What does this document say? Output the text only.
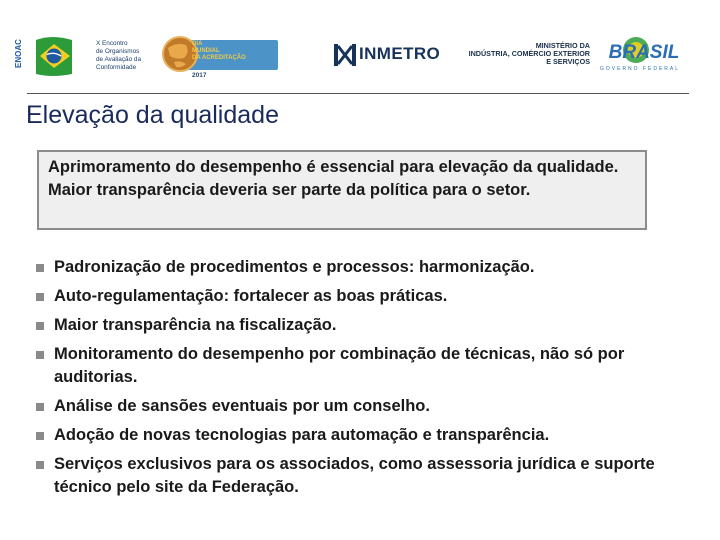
ENOAC	X Encontro
de Organismos
de Avaliação da
Conformidade
DIA
MUNDIAL
DA ACREDITAÇÃO
2017
INMETRO	MINISTÉRIO DA
INDÚSTRIA, COMÉRCIO EXTERIOR
E SERVIÇOS BRASIL
GOVERNO FEDERAL
Elevação da qualidade

Aprimoramento do desempenho é essencial para elevação da qualidade. Maior transparência deveria ser parte da política para o setor.

Padronização de procedimentos e processos: harmonização.
Auto-regulamentação: fortalecer as boas práticas.
Maior transparência na fiscalização.
Monitoramento do desempenho por combinação de técnicas, não só por auditorias.
Análise de sansões eventuais por um conselho.
Adoção de novas tecnologias para automação e transparência.
Serviços exclusivos para os associados, como assessoria jurídica e suporte técnico pelo site da Federação.
